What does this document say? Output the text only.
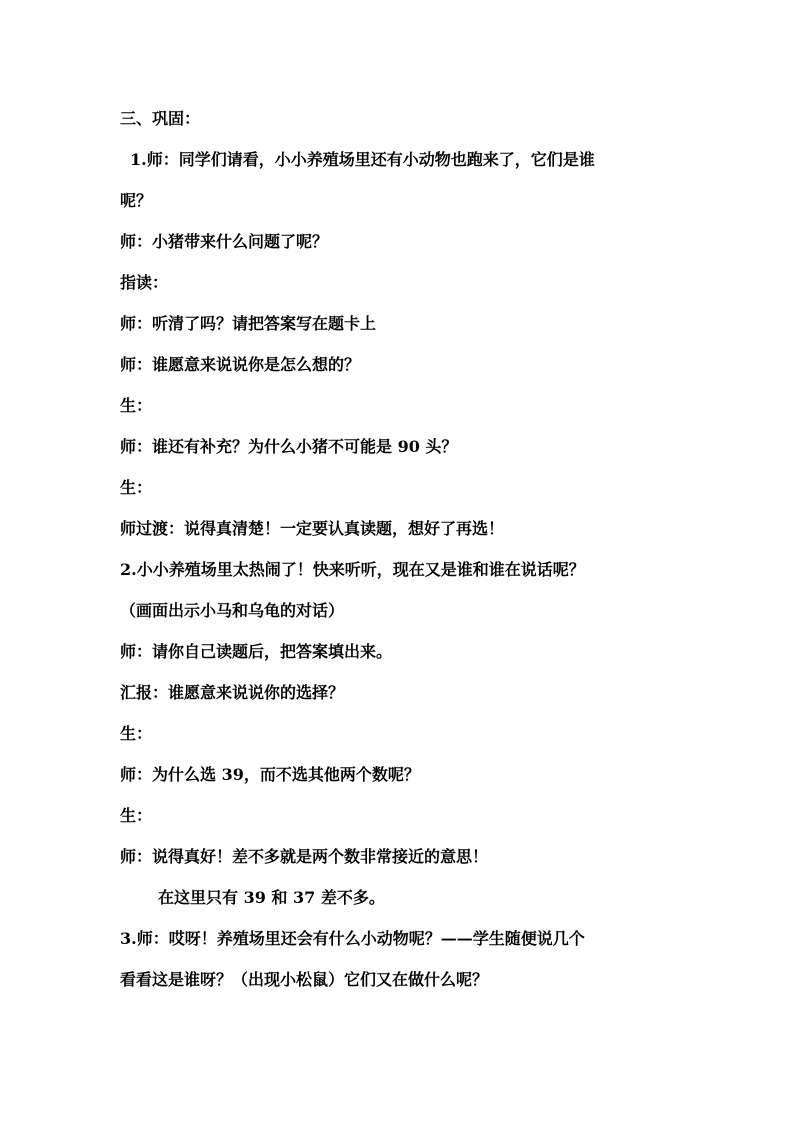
三、巩固：
1.师：同学们请看，小小养殖场里还有小动物也跑来了，它们是谁
呢？
师：小猪带来什么问题了呢？
指读：
师：听清了吗？请把答案写在题卡上
师：谁愿意来说说你是怎么想的？
生：
师：谁还有补充？为什么小猪不可能是 90 头？
生：
师过渡：说得真清楚！一定要认真读题，想好了再选！
2.小小养殖场里太热闹了！快来听听，现在又是谁和谁在说话呢？
（画面出示小马和乌龟的对话）
师：请你自己读题后，把答案填出来。
汇报：谁愿意来说说你的选择？
生：
师：为什么选 39，而不选其他两个数呢？
生：
师：说得真好！差不多就是两个数非常接近的意思！
在这里只有 39 和 37 差不多。
3.师：哎呀！养殖场里还会有什么小动物呢？——学生随便说几个
看看这是谁呀？（出现小松鼠）它们又在做什么呢？
